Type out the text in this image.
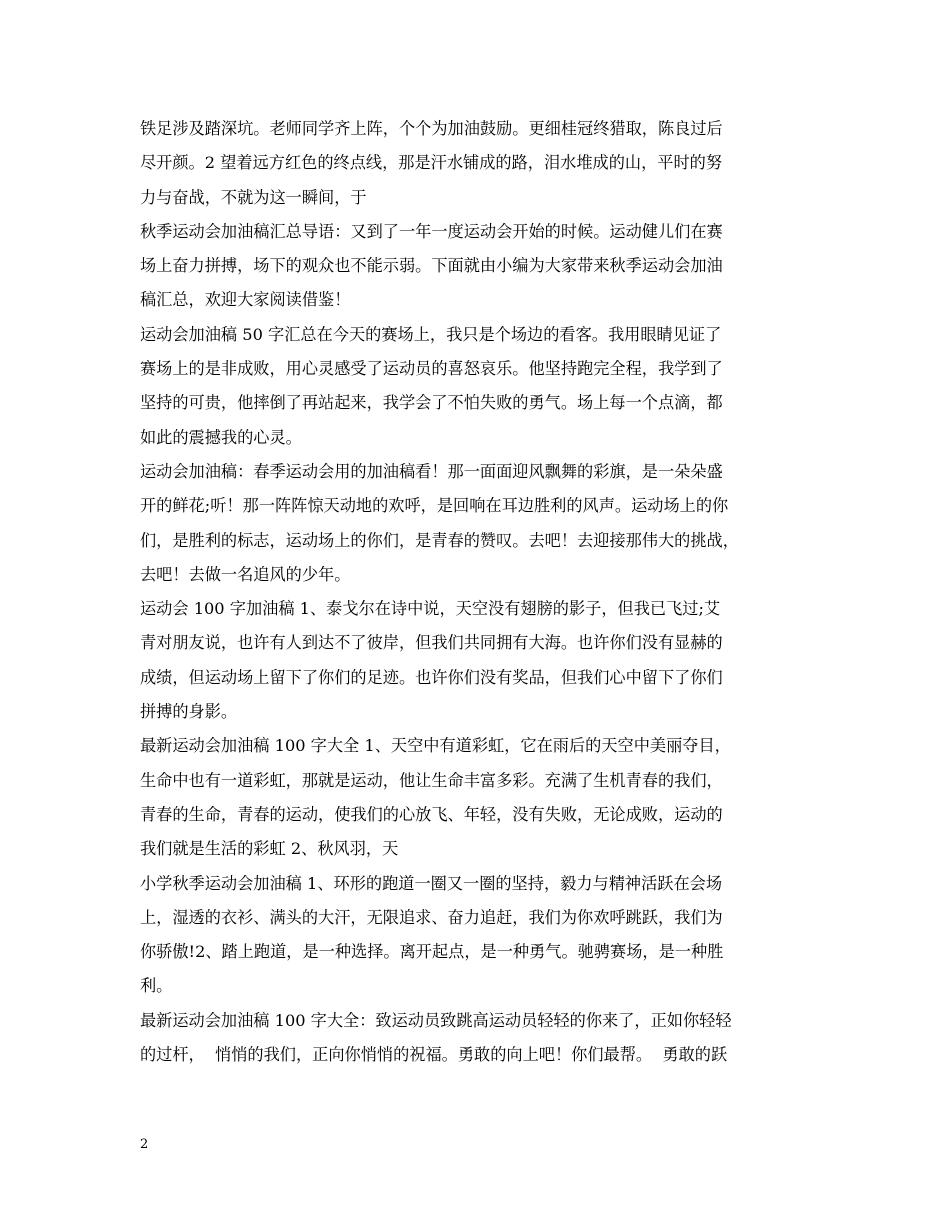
铁足涉及踏深坑。老师同学齐上阵，个个为加油鼓励。更细桂冠终猎取，陈良过后
尽开颜。2 望着远方红色的终点线，那是汗水铺成的路，泪水堆成的山，平时的努
力与奋战，不就为这一瞬间，于
秋季运动会加油稿汇总导语：又到了一年一度运动会开始的时候。运动健儿们在赛
场上奋力拼搏，场下的观众也不能示弱。下面就由小编为大家带来秋季运动会加油
稿汇总，欢迎大家阅读借鉴！
运动会加油稿 50 字汇总在今天的赛场上，我只是个场边的看客。我用眼睛见证了
赛场上的是非成败，用心灵感受了运动员的喜怒哀乐。他坚持跑完全程，我学到了
坚持的可贵，他摔倒了再站起来，我学会了不怕失败的勇气。场上每一个点滴，都
如此的震撼我的心灵。
运动会加油稿：春季运动会用的加油稿看！那一面面迎风飘舞的彩旗，是一朵朵盛
开的鲜花;听！那一阵阵惊天动地的欢呼，是回响在耳边胜利的风声。运动场上的你
们，是胜利的标志，运动场上的你们，是青春的赞叹。去吧！去迎接那伟大的挑战，
去吧！去做一名追风的少年。
运动会 100 字加油稿 1、泰戈尔在诗中说，天空没有翅膀的影子，但我已飞过;艾
青对朋友说，也许有人到达不了彼岸，但我们共同拥有大海。也许你们没有显赫的
成绩，但运动场上留下了你们的足迹。也许你们没有奖品，但我们心中留下了你们
拼搏的身影。
最新运动会加油稿 100 字大全 1、天空中有道彩虹，它在雨后的天空中美丽夺目，
生命中也有一道彩虹，那就是运动，他让生命丰富多彩。充满了生机青春的我们，
青春的生命，青春的运动，使我们的心放飞、年轻，没有失败，无论成败，运动的
我们就是生活的彩虹 2、秋风羽，天
小学秋季运动会加油稿 1、环形的跑道一圈又一圈的坚持，毅力与精神活跃在会场
上，湿透的衣衫、满头的大汗，无限追求、奋力追赶，我们为你欢呼跳跃，我们为
你骄傲!2、踏上跑道，是一种选择。离开起点，是一种勇气。驰骋赛场，是一种胜
利。
最新运动会加油稿 100 字大全：致运动员致跳高运动员轻轻的你来了，正如你轻轻
的过杆，  悄悄的我们，正向你悄悄的祝福。勇敢的向上吧！你们最帮。  勇敢的跃
2
